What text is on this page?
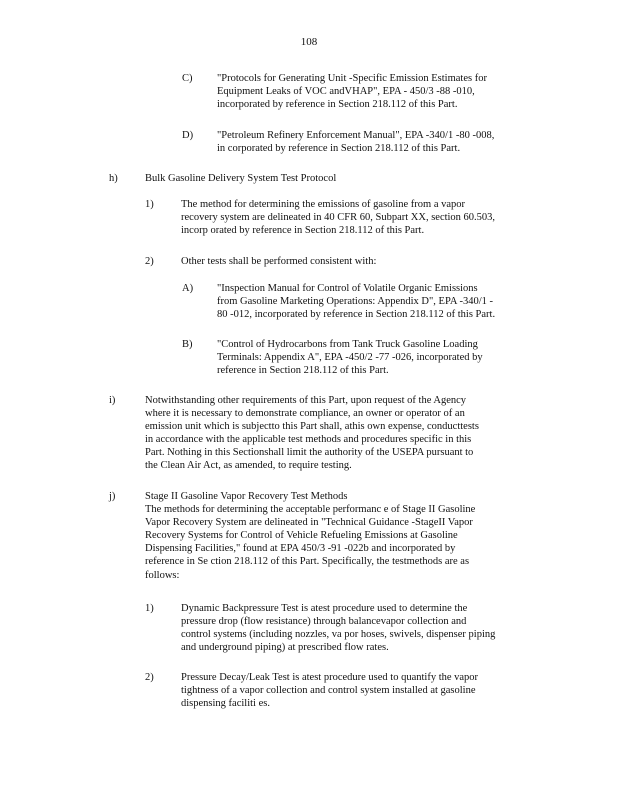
108
C)	"Protocols for Generating Unit -Specific Emission Estimates for
Equipment Leaks of VOC andVHAP", EPA - 450/3 -88 -010,
incorporated by reference in Section 218.112 of this Part.
D)	"Petroleum Refinery Enforcement Manual", EPA -340/1 -80 -008,
in corporated by reference in Section 218.112 of this Part.
h)	Bulk Gasoline Delivery System Test Protocol
1)	The method for determining the emissions of gasoline from a vapor
recovery system are delineated in 40 CFR 60, Subpart XX, section 60.503,
incorp orated by reference in Section 218.112 of this Part.
2)	Other tests shall be performed consistent with:
A)	"Inspection Manual for Control of Volatile Organic Emissions
from Gasoline Marketing Operations: Appendix D", EPA -340/1 -
80 -012, incorporated by reference in Section 218.112 of this Part.
B)	"Control of Hydrocarbons from Tank Truck Gasoline Loading
Terminals: Appendix A", EPA -450/2 -77 -026, incorporated by
reference in Section 218.112 of this Part.
i)	Notwithstanding other requirements of this Part, upon request of the Agency
where it is necessary to demonstrate compliance, an owner or operator of an
emission unit which is subjectto this Part shall, athis own expense, conducttests
in accordance with the applicable test methods and procedures specific in this
Part. Nothing in this Sectionshall limit the authority of the USEPA pursuant to
the Clean Air Act, as amended, to require testing.
j)	Stage II Gasoline Vapor Recovery Test Methods
The methods for determining the acceptable performanc e of Stage II Gasoline
Vapor Recovery System are delineated in "Technical Guidance -StageII Vapor
Recovery Systems for Control of Vehicle Refueling Emissions at Gasoline
Dispensing Facilities," found at EPA 450/3 -91 -022b and incorporated by
reference in Se ction 218.112 of this Part. Specifically, the testmethods are as
follows:
1)	Dynamic Backpressure Test is atest procedure used to determine the
pressure drop (flow resistance) through balancevapor collection and
control systems (including nozzles, va por hoses, swivels, dispenser piping
and underground piping) at prescribed flow rates.
2)	Pressure Decay/Leak Test is atest procedure used to quantify the vapor
tightness of a vapor collection and control system installed at gasoline
dispensing faciliti es.
